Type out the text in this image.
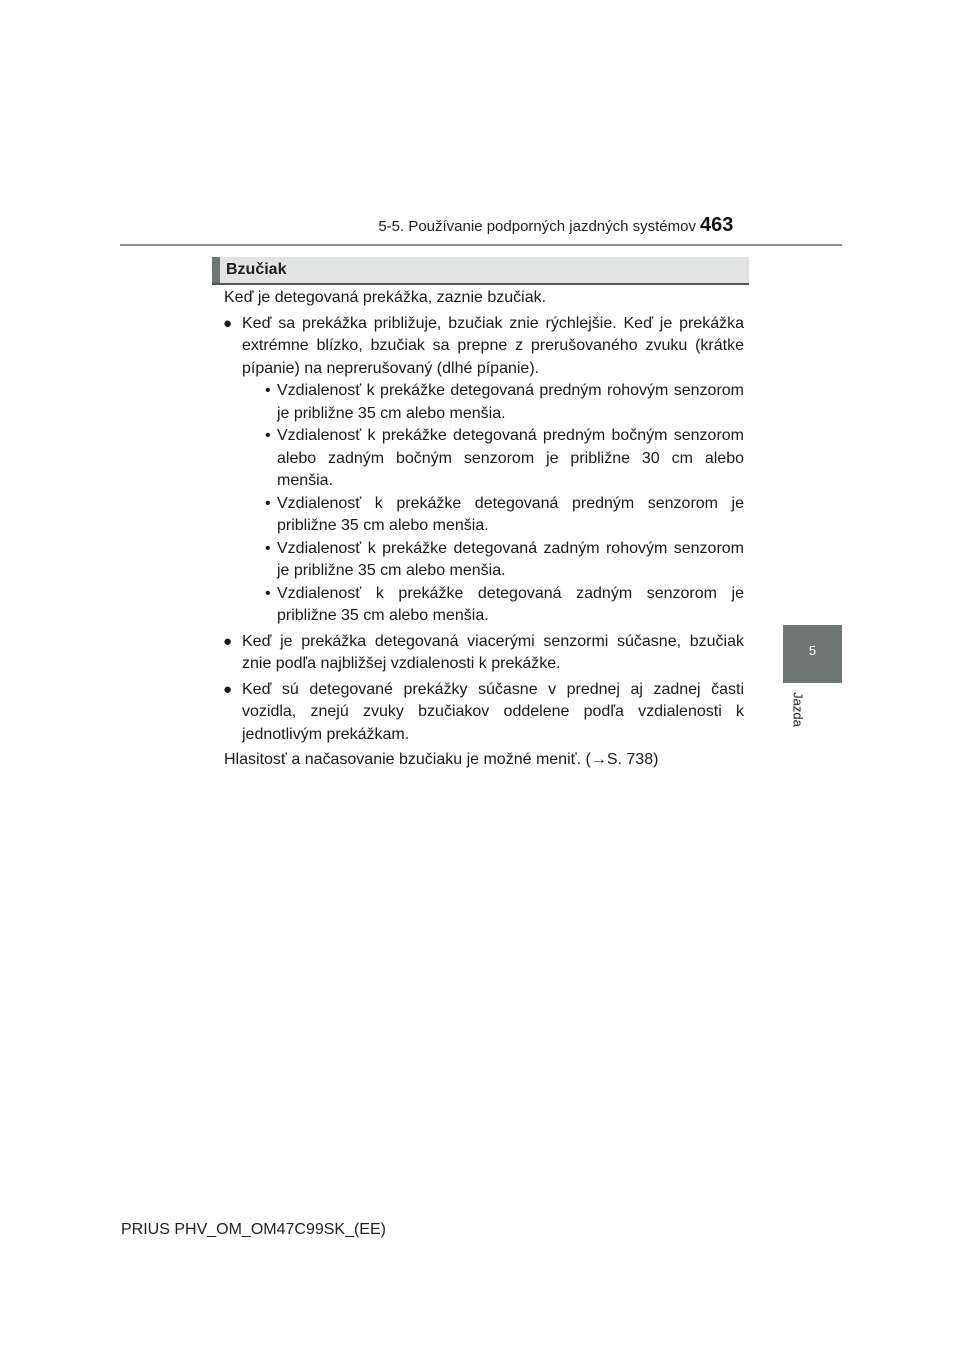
5-5. Používanie podporných jazdných systémov 463
5
Jazda
Bzučiak

Keď je detegovaná prekážka, zaznie bzučiak.

● Keď sa prekážka približuje, bzučiak znie rýchlejšie. Keď je prekážka extrémne blízko, bzučiak sa prepne z prerušovaného zvuku (krátke pípanie) na neprerušovaný (dlhé pípanie).
• Vzdialenosť k prekážke detegovaná predným rohovým senzorom je približne 35 cm alebo menšia.
• Vzdialenosť k prekážke detegovaná predným bočným senzorom alebo zadným bočným senzorom je približne 30 cm alebo menšia.
• Vzdialenosť k prekážke detegovaná predným senzorom je približne 35 cm alebo menšia.
• Vzdialenosť k prekážke detegovaná zadným rohovým senzorom je približne 35 cm alebo menšia.
• Vzdialenosť k prekážke detegovaná zadným senzorom je približne 35 cm alebo menšia.
● Keď je prekážka detegovaná viacerými senzormi súčasne, bzučiak znie podľa najbližšej vzdialenosti k prekážke.
● Keď sú detegované prekážky súčasne v prednej aj zadnej časti vozidla, znejú zvuky bzučiakov oddelene podľa vzdialenosti k jednotlivým prekážkam.

Hlasitosť a načasovanie bzučiaku je možné meniť. (→S. 738)

PRIUS PHV_OM_OM47C99SK_(EE)
